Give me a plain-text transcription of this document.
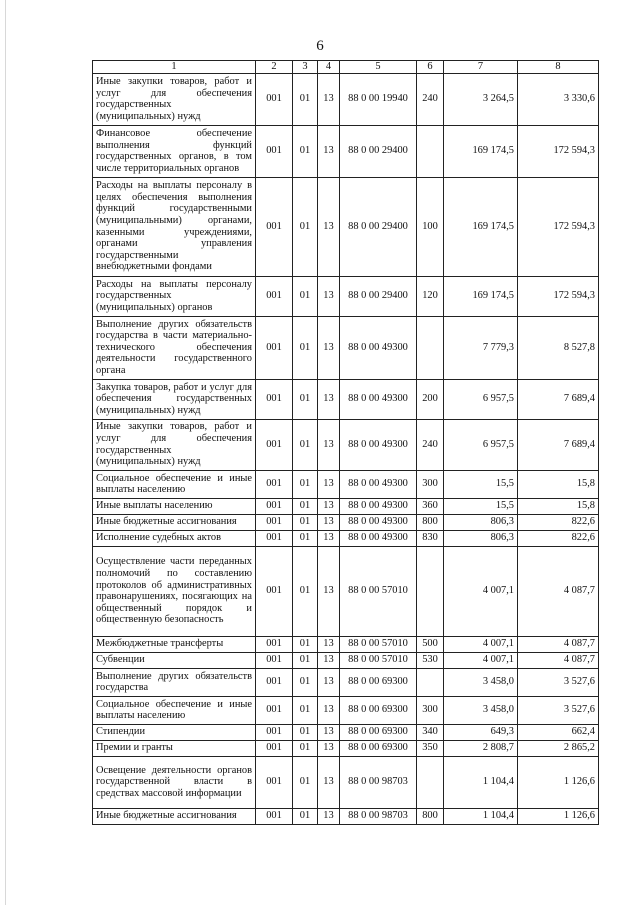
6
1	2	3	4	5	6	7	8
Иные закупки товаров, работ и услуг для обеспечения государственных (муниципальных) нужд	001	01	13	88 0 00 19940	240	3 264,5	3 330,6
Финансовое обеспечение выполнения функций государственных органов, в том числе территориальных органов	001	01	13	88 0 00 29400		169 174,5	172 594,3
Расходы на выплаты персоналу в целях обеспечения выполнения функций государственными (муниципальными) органами, казенными учреждениями, органами управления государственными внебюджетными фондами	001	01	13	88 0 00 29400	100	169 174,5	172 594,3
Расходы на выплаты персоналу государственных (муниципальных) органов	001	01	13	88 0 00 29400	120	169 174,5	172 594,3
Выполнение других обязательств государства в части материально-технического обеспечения деятельности государственного органа	001	01	13	88 0 00 49300		7 779,3	8 527,8
Закупка товаров, работ и услуг для обеспечения государственных (муниципальных) нужд	001	01	13	88 0 00 49300	200	6 957,5	7 689,4
Иные закупки товаров, работ и услуг для обеспечения государственных (муниципальных) нужд	001	01	13	88 0 00 49300	240	6 957,5	7 689,4
Социальное обеспечение и иные выплаты населению	001	01	13	88 0 00 49300	300	15,5	15,8
Иные выплаты населению	001	01	13	88 0 00 49300	360	15,5	15,8
Иные бюджетные ассигнования	001	01	13	88 0 00 49300	800	806,3	822,6
Исполнение судебных актов	001	01	13	88 0 00 49300	830	806,3	822,6
Осуществление части переданных полномочий по составлению протоколов об административных правонарушениях, посягающих на общественный порядок и общественную безопасность	001	01	13	88 0 00 57010		4 007,1	4 087,7
Межбюджетные трансферты	001	01	13	88 0 00 57010	500	4 007,1	4 087,7
Субвенции	001	01	13	88 0 00 57010	530	4 007,1	4 087,7
Выполнение других обязательств государства	001	01	13	88 0 00 69300		3 458,0	3 527,6
Социальное обеспечение и иные выплаты населению	001	01	13	88 0 00 69300	300	3 458,0	3 527,6
Стипендии	001	01	13	88 0 00 69300	340	649,3	662,4
Премии и гранты	001	01	13	88 0 00 69300	350	2 808,7	2 865,2
Освещение деятельности органов государственной власти в средствах массовой информации	001	01	13	88 0 00 98703		1 104,4	1 126,6
Иные бюджетные ассигнования	001	01	13	88 0 00 98703	800	1 104,4	1 126,6
